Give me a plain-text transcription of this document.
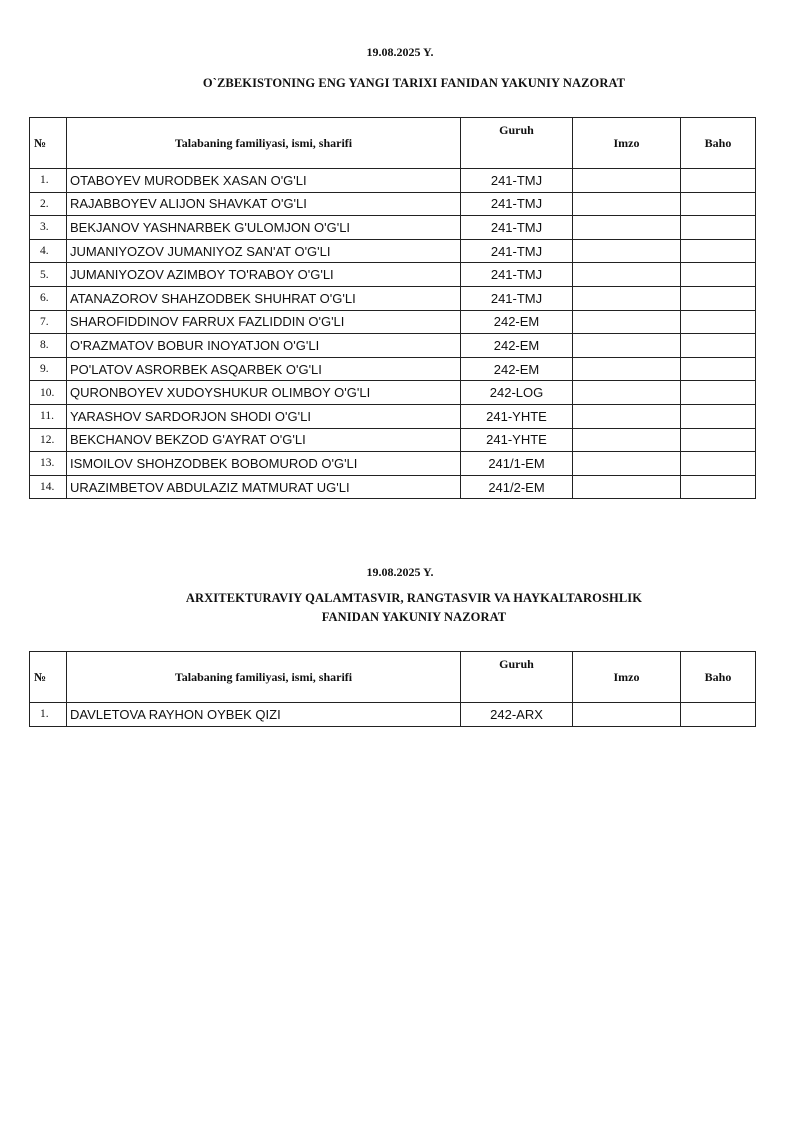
19.08.2025 Y.
O`ZBEKISTONING ENG YANGI TARIXI FANIDAN YAKUNIY NAZORAT
№	Talabaning familiyasi, ismi, sharifi	Guruh	Imzo	Baho
1.	OTABOYEV MURODBEK XASAN O'G'LI	241-TMJ		
2.	RAJABBOYEV ALIJON SHAVKAT O'G'LI	241-TMJ		
3.	BEKJANOV YASHNARBEK G'ULOMJON O'G'LI	241-TMJ		
4.	JUMANIYOZOV JUMANIYOZ SAN'AT O'G'LI	241-TMJ		
5.	JUMANIYOZOV AZIMBOY TO'RABOY O'G'LI	241-TMJ		
6.	ATANAZOROV SHAHZODBEK SHUHRAT O'G'LI	241-TMJ		
7.	SHAROFIDDINOV FARRUX FAZLIDDIN O'G'LI	242-EM		
8.	O'RAZMATOV BOBUR INOYATJON O'G'LI	242-EM		
9.	PO'LATOV ASRORBEK ASQARBEK O'G'LI	242-EM		
10.	QURONBOYEV XUDOYSHUKUR OLIMBOY O'G'LI	242-LOG		
11.	YARASHOV SARDORJON SHODI O'G'LI	241-YHTE		
12.	BEKCHANOV BEKZOD G'AYRAT O'G'LI	241-YHTE		
13.	ISMOILOV SHOHZODBEK BOBOMUROD O'G'LI	241/1-EM		
14.	URAZIMBETOV ABDULAZIZ MATMURAT UG'LI	241/2-EM		
19.08.2025 Y.
ARXITEKTURAVIY QALAMTASVIR, RANGTASVIR VA HAYKALTAROSHLIK
FANIDAN YAKUNIY NAZORAT
№	Talabaning familiyasi, ismi, sharifi	Guruh	Imzo	Baho
1.	DAVLETOVA RAYHON OYBEK QIZI	242-ARX		
